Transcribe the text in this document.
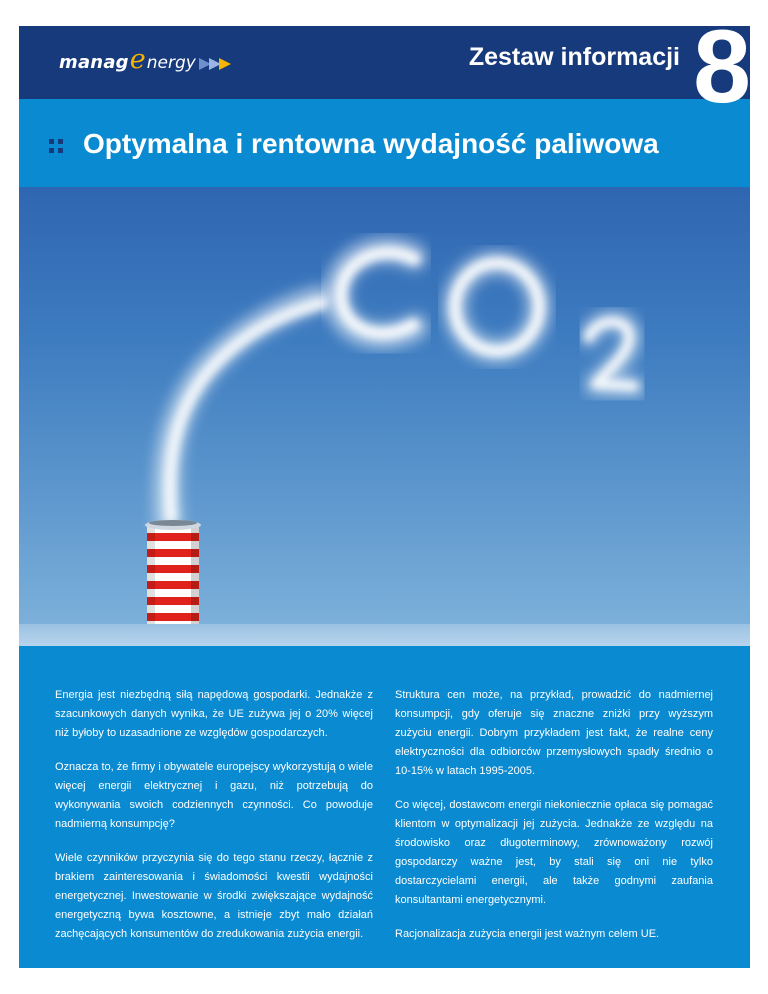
manag e nergy	Zestaw informacji 8
Optymalna i rentowna wydajność paliwowa

Energia jest niezbędną siłą napędową gospodarki. Jednakże z szacunkowych danych wynika, że UE zużywa jej o 20% więcej niż byłoby to uzasadnione ze względów gospodarczych.

Oznacza to, że firmy i obywatele europejscy wykorzystują o wiele więcej energii elektrycznej i gazu, niż potrzebują do wykonywania swoich codziennych czynności. Co powoduje nadmierną konsumpcję?

Wiele czynników przyczynia się do tego stanu rzeczy, łącznie z brakiem zainteresowania i świadomości kwestii wydajności energetycznej. Inwestowanie w środki zwiększające wydajność energetyczną bywa kosztowne, a istnieje zbyt mało działań zachęcających konsumentów do zredukowania zużycia energii.

Struktura cen może, na przykład, prowadzić do nadmiernej konsumpcji, gdy oferuje się znaczne zniżki przy wyższym zużyciu energii. Dobrym przykładem jest fakt, że realne ceny elektryczności dla odbiorców przemysłowych spadły średnio o 10-15% w latach 1995-2005.

Co więcej, dostawcom energii niekoniecznie opłaca się pomagać klientom w optymalizacji jej zużycia. Jednakże ze względu na środowisko oraz długoterminowy, zrównoważony rozwój gospodarczy ważne jest, by stali się oni nie tylko dostarczycielami energii, ale także godnymi zaufania konsultantami energetycznymi.

Racjonalizacja zużycia energii jest ważnym celem UE.
